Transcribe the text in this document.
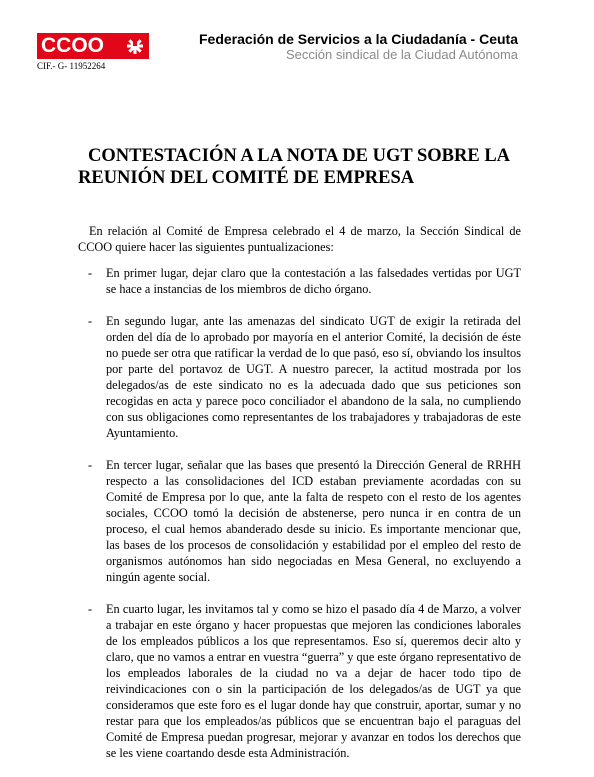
CCOO
CIF.- G- 11952264
Federación de Servicios a la Ciudadanía - Ceuta
Sección sindical de la Ciudad Autónoma
CONTESTACIÓN A LA NOTA DE UGT SOBRE LA
REUNIÓN DEL COMITÉ DE EMPRESA

En relación al Comité de Empresa celebrado el 4 de marzo, la Sección Sindical de CCOO quiere hacer las siguientes puntualizaciones:

- En primer lugar, dejar claro que la contestación a las falsedades vertidas por UGT se hace a instancias de los miembros de dicho órgano.
- En segundo lugar, ante las amenazas del sindicato UGT de exigir la retirada del orden del día de lo aprobado por mayoría en el anterior Comité, la decisión de éste no puede ser otra que ratificar la verdad de lo que pasó, eso sí, obviando los insultos por parte del portavoz de UGT. A nuestro parecer, la actitud mostrada por los delegados/as de este sindicato no es la adecuada dado que sus peticiones son recogidas en acta y parece poco conciliador el abandono de la sala, no cumpliendo con sus obligaciones como representantes de los trabajadores y trabajadoras de este Ayuntamiento.
- En tercer lugar, señalar que las bases que presentó la Dirección General de RRHH respecto a las consolidaciones del ICD estaban previamente acordadas con su Comité de Empresa por lo que, ante la falta de respeto con el resto de los agentes sociales, CCOO tomó la decisión de abstenerse, pero nunca ir en contra de un proceso, el cual hemos abanderado desde su inicio. Es importante mencionar que, las bases de los procesos de consolidación y estabilidad por el empleo del resto de organismos autónomos han sido negociadas en Mesa General, no excluyendo a ningún agente social.
- En cuarto lugar, les invitamos tal y como se hizo el pasado día 4 de Marzo, a volver a trabajar en este órgano y hacer propuestas que mejoren las condiciones laborales de los empleados públicos a los que representamos. Eso sí, queremos decir alto y claro, que no vamos a entrar en vuestra “guerra” y que este órgano representativo de los empleados laborales de la ciudad no va a dejar de hacer todo tipo de reivindicaciones con o sin la participación de los delegados/as de UGT ya que consideramos que este foro es el lugar donde hay que construir, aportar, sumar y no restar para que los empleados/as públicos que se encuentran bajo el paraguas del Comité de Empresa puedan progresar, mejorar y avanzar en todos los derechos que se les viene coartando desde esta Administración.
